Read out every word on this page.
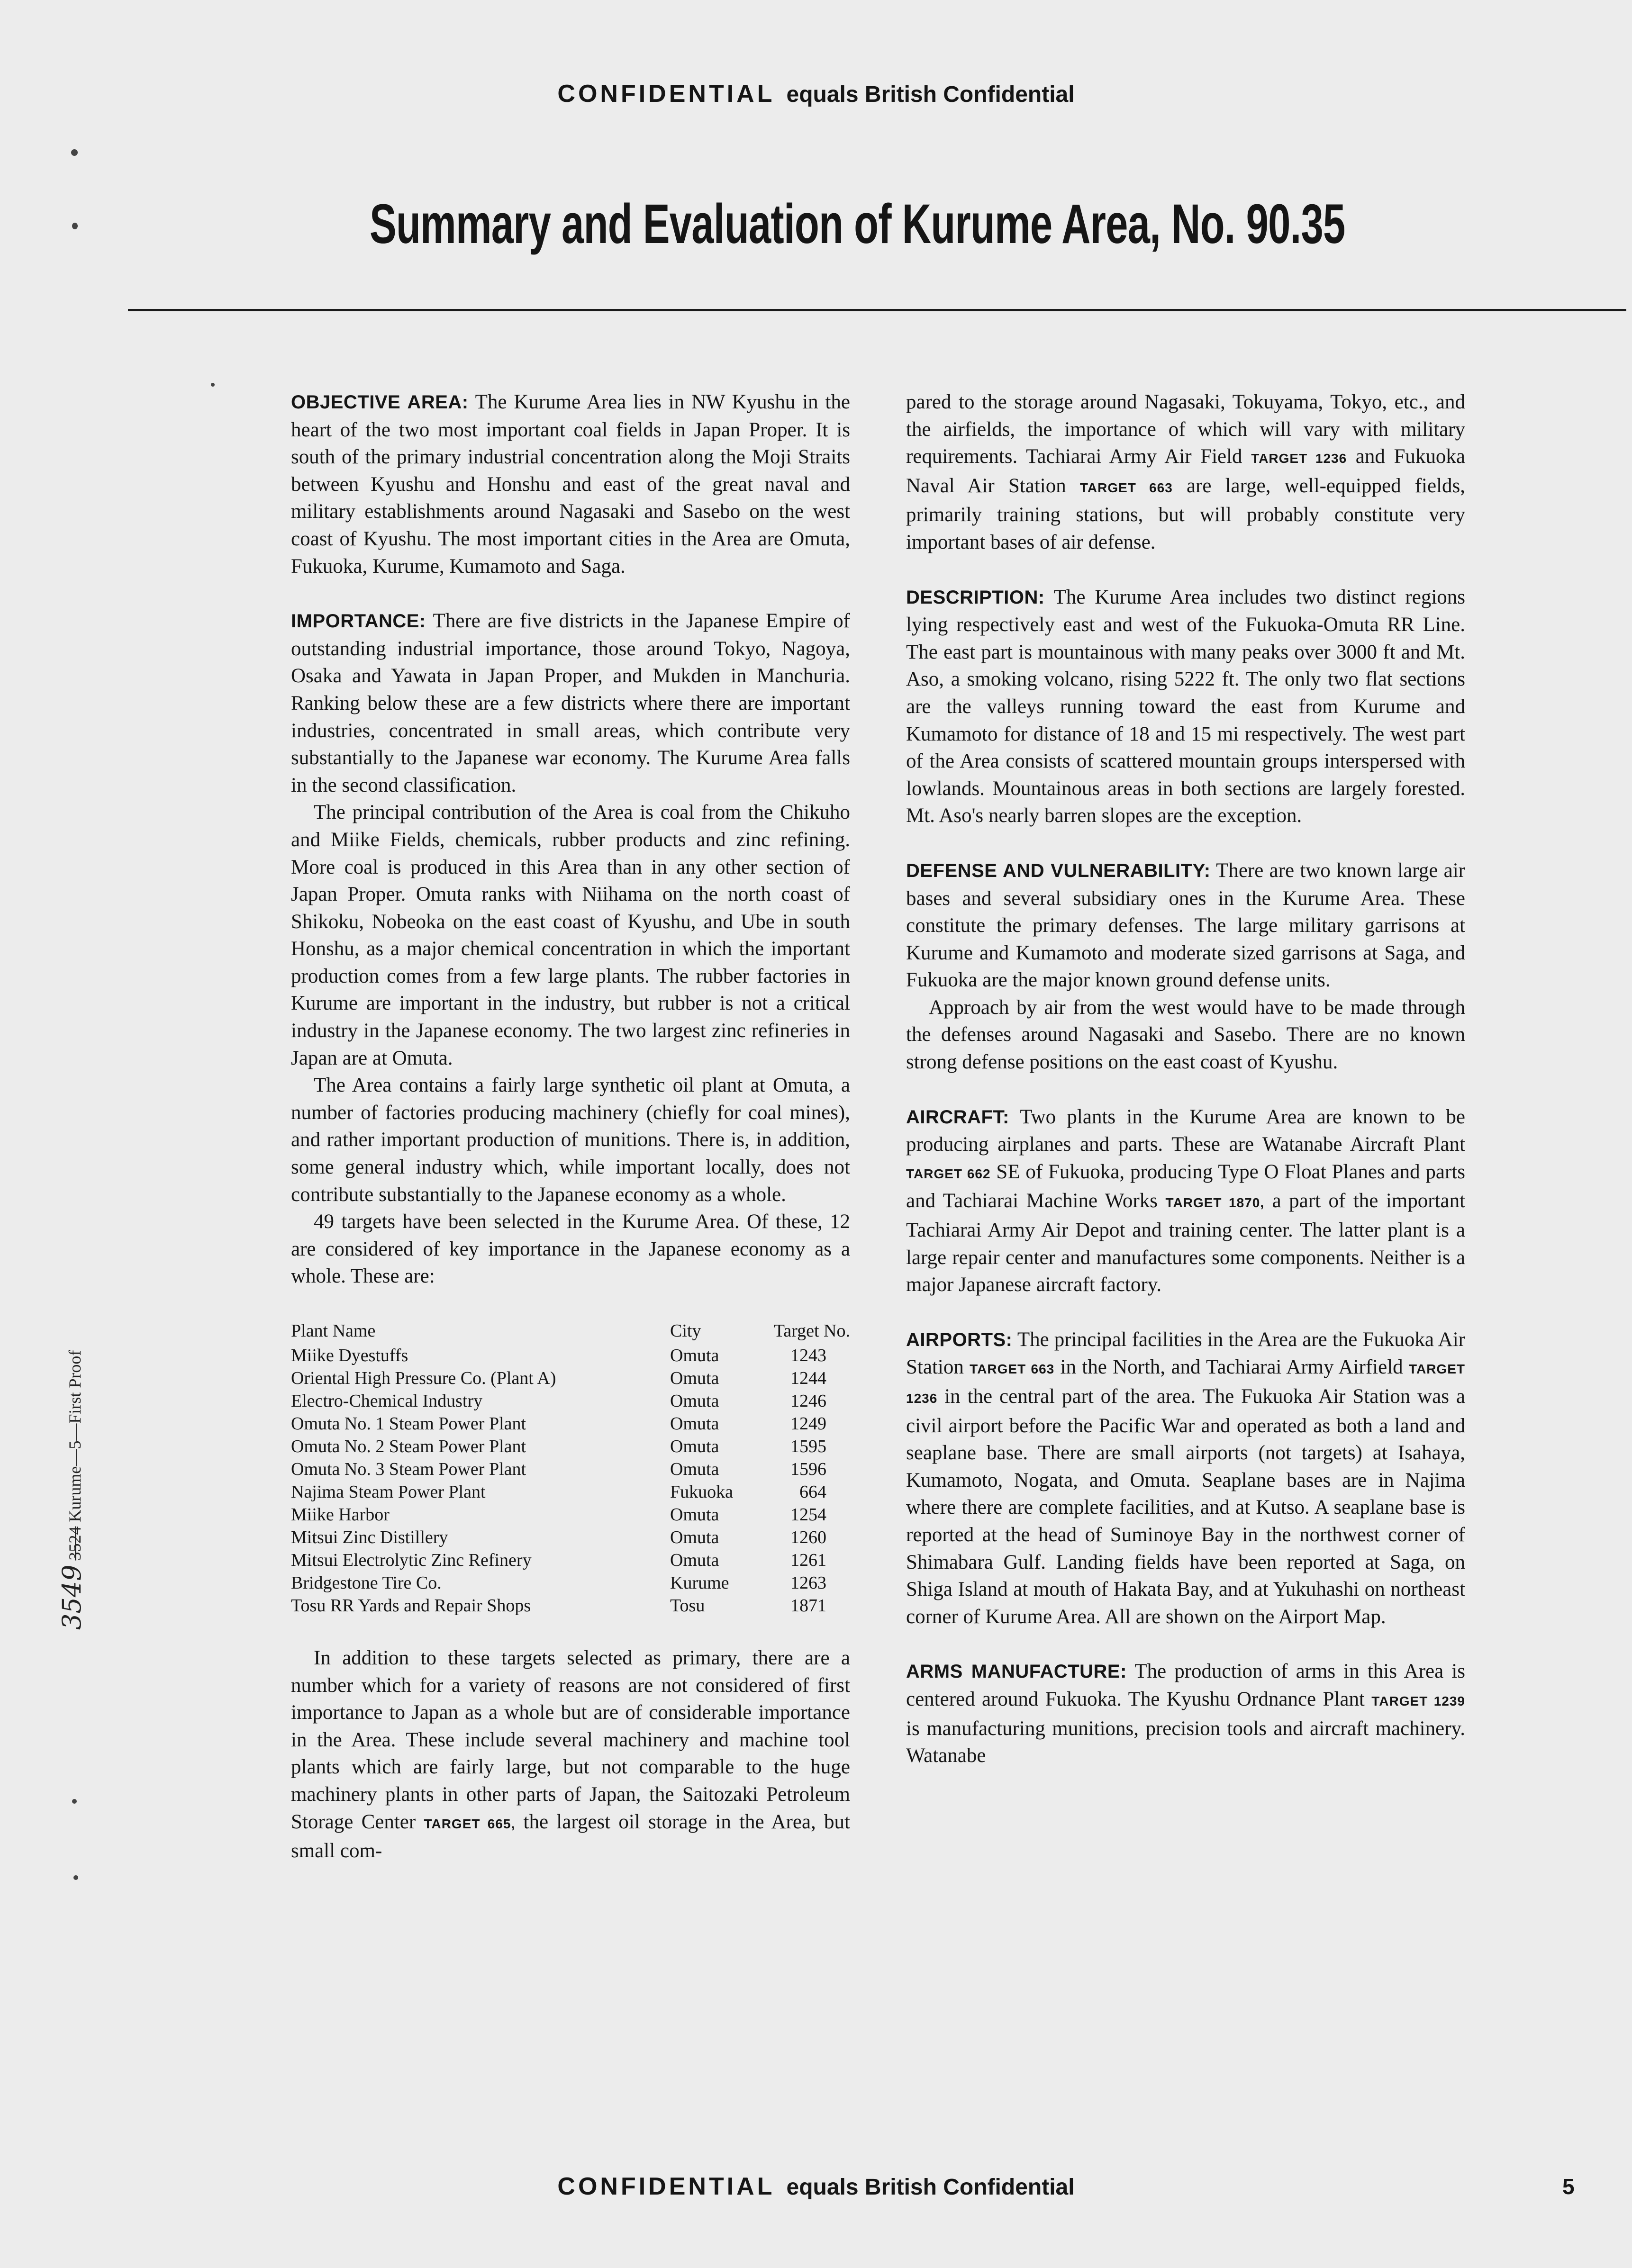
CONFIDENTIAL equals British Confidential
Summary and Evaluation of Kurume Area, No. 90.35

OBJECTIVE AREA: The Kurume Area lies in NW Kyushu in the heart of the two most important coal fields in Japan Proper. It is south of the primary industrial concentration along the Moji Straits between Kyushu and Honshu and east of the great naval and military establishments around Nagasaki and Sasebo on the west coast of Kyushu. The most important cities in the Area are Omuta, Fukuoka, Kurume, Kumamoto and Saga.

IMPORTANCE: There are five districts in the Japanese Empire of outstanding industrial importance, those around Tokyo, Nagoya, Osaka and Yawata in Japan Proper, and Mukden in Manchuria. Ranking below these are a few districts where there are important industries, concentrated in small areas, which contribute very substantially to the Japanese war economy. The Kurume Area falls in the second classification.

The principal contribution of the Area is coal from the Chikuho and Miike Fields, chemicals, rubber products and zinc refining. More coal is produced in this Area than in any other section of Japan Proper. Omuta ranks with Niihama on the north coast of Shikoku, Nobeoka on the east coast of Kyushu, and Ube in south Honshu, as a major chemical concentration in which the important production comes from a few large plants. The rubber factories in Kurume are important in the industry, but rubber is not a critical industry in the Japanese economy. The two largest zinc refineries in Japan are at Omuta.

The Area contains a fairly large synthetic oil plant at Omuta, a number of factories producing machinery (chiefly for coal mines), and rather important production of munitions. There is, in addition, some general industry which, while important locally, does not contribute substantially to the Japanese economy as a whole.

49 targets have been selected in the Kurume Area. Of these, 12 are considered of key importance in the Japanese economy as a whole. These are:

Plant Name	City	Target No.
Miike Dyestuffs	Omuta	1243
Oriental High Pressure Co. (Plant A)	Omuta	1244
Electro-Chemical Industry	Omuta	1246
Omuta No. 1 Steam Power Plant	Omuta	1249
Omuta No. 2 Steam Power Plant	Omuta	1595
Omuta No. 3 Steam Power Plant	Omuta	1596
Najima Steam Power Plant	Fukuoka	664
Miike Harbor	Omuta	1254
Mitsui Zinc Distillery	Omuta	1260
Mitsui Electrolytic Zinc Refinery	Omuta	1261
Bridgestone Tire Co.	Kurume	1263
Tosu RR Yards and Repair Shops	Tosu	1871

In addition to these targets selected as primary, there are a number which for a variety of reasons are not considered of first importance to Japan as a whole but are of considerable importance in the Area. These include several machinery and machine tool plants which are fairly large, but not comparable to the huge machinery plants in other parts of Japan, the Saitozaki Petroleum Storage Center TARGET 665, the largest oil storage in the Area, but small com-

pared to the storage around Nagasaki, Tokuyama, Tokyo, etc., and the airfields, the importance of which will vary with military requirements. Tachiarai Army Air Field TARGET 1236 and Fukuoka Naval Air Station TARGET 663 are large, well-equipped fields, primarily training stations, but will probably constitute very important bases of air defense.

DESCRIPTION: The Kurume Area includes two distinct regions lying respectively east and west of the Fukuoka-Omuta RR Line. The east part is mountainous with many peaks over 3000 ft and Mt. Aso, a smoking volcano, rising 5222 ft. The only two flat sections are the valleys running toward the east from Kurume and Kumamoto for distance of 18 and 15 mi respectively. The west part of the Area consists of scattered mountain groups interspersed with lowlands. Mountainous areas in both sections are largely forested. Mt. Aso's nearly barren slopes are the exception.

DEFENSE AND VULNERABILITY: There are two known large air bases and several subsidiary ones in the Kurume Area. These constitute the primary defenses. The large military garrisons at Kurume and Kumamoto and moderate sized garrisons at Saga, and Fukuoka are the major known ground defense units.

Approach by air from the west would have to be made through the defenses around Nagasaki and Sasebo. There are no known strong defense positions on the east coast of Kyushu.

AIRCRAFT: Two plants in the Kurume Area are known to be producing airplanes and parts. These are Watanabe Aircraft Plant TARGET 662 SE of Fukuoka, producing Type O Float Planes and parts and Tachiarai Machine Works TARGET 1870, a part of the important Tachiarai Army Air Depot and training center. The latter plant is a large repair center and manufactures some components. Neither is a major Japanese aircraft factory.

AIRPORTS: The principal facilities in the Area are the Fukuoka Air Station TARGET 663 in the North, and Tachiarai Army Airfield TARGET 1236 in the central part of the area. The Fukuoka Air Station was a civil airport before the Pacific War and operated as both a land and seaplane base. There are small airports (not targets) at Isahaya, Kumamoto, Nogata, and Omuta. Seaplane bases are in Najima where there are complete facilities, and at Kutso. A seaplane base is reported at the head of Suminoye Bay in the northwest corner of Shimabara Gulf. Landing fields have been reported at Saga, on Shiga Island at mouth of Hakata Bay, and at Yukuhashi on northeast corner of Kurume Area. All are shown on the Airport Map.

ARMS MANUFACTURE: The production of arms in this Area is centered around Fukuoka. The Kyushu Ordnance Plant TARGET 1239 is manufacturing munitions, precision tools and aircraft machinery. Watanabe

3549 3524 Kurume—5—First Proof
CONFIDENTIAL equals British Confidential	5
